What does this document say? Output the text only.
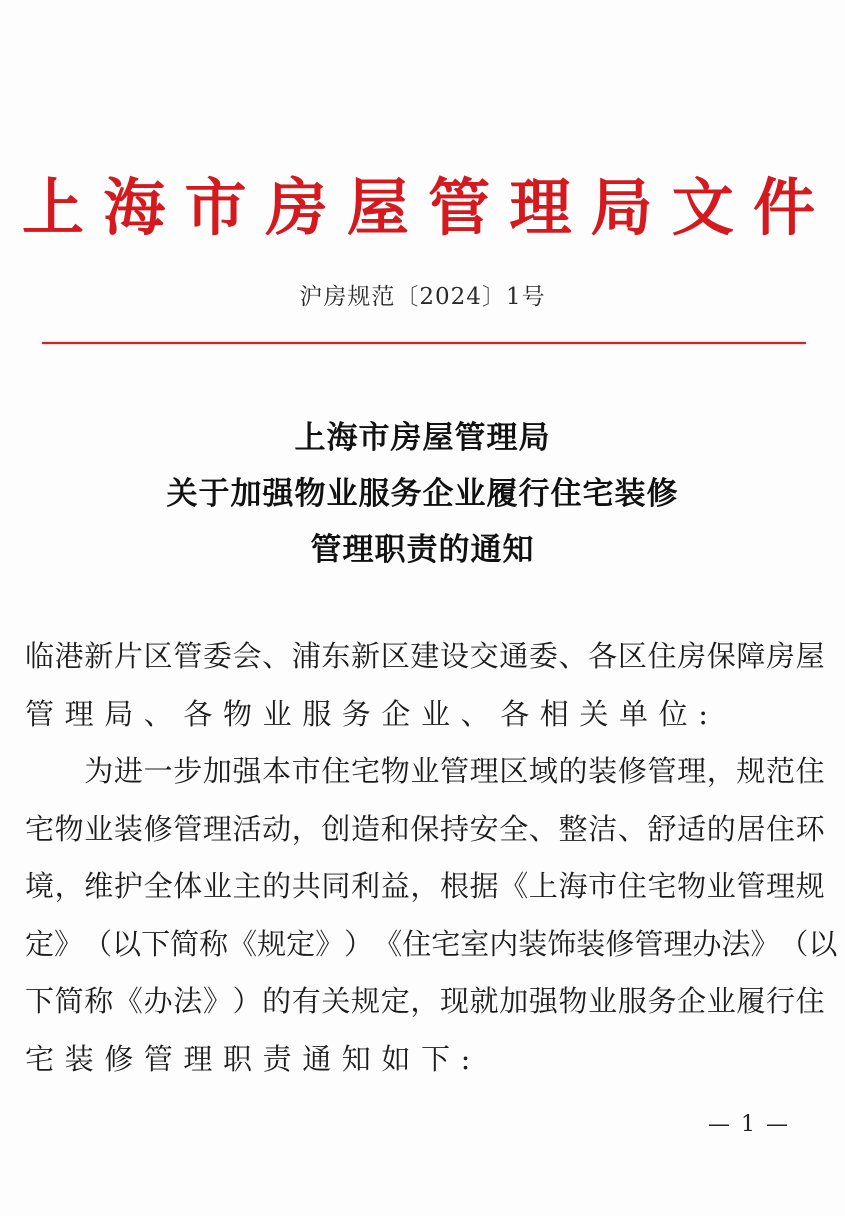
上 海 市 房 屋 管 理 局 文 件
沪房规范〔2024〕1号
上海市房屋管理局
关于加强物业服务企业履行住宅装修
管理职责的通知
临 港 新 片 区 管 委 会 、 浦 东 新 区 建 设 交 通 委 、 各 区 住 房 保 障 房 屋
管理局、各物业服务企业、各相关单位:

为 进 一 步 加 强 本 市 住 宅 物 业 管 理 区 域 的 装 修 管 理 ， 规 范 住
宅 物 业 装 修 管 理 活 动 ， 创 造 和 保 持 安 全 、 整 洁 、 舒 适 的 居 住 环
境 ， 维 护 全 体 业 主 的 共 同 利 益 ， 根 据 《 上 海 市 住 宅 物 业 管 理 规
定 》 （ 以 下 简 称 《 规 定 》 ） 《 住 宅 室 内 装 饰 装 修 管 理 办 法 》 （ 以
下 简 称 《 办 法 》 ） 的 有 关 规 定 ， 现 就 加 强 物 业 服 务 企 业 履 行 住
宅装修管理职责通知如下:
— 1 —
